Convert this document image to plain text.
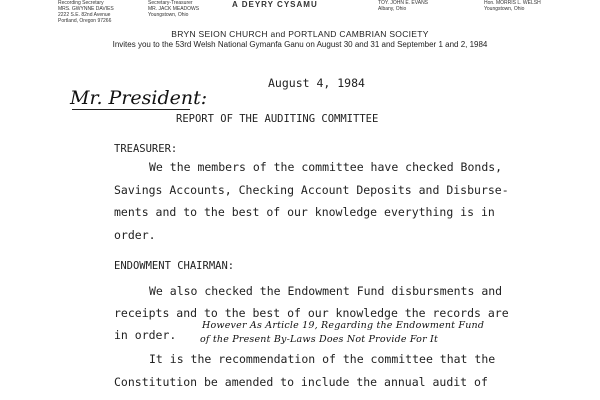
Recording Secretary
MRS. GWYNNE DAVIES
2222 S.E. 82nd Avenue
Portland, Oregon 97266
Secretary-Treasurer
MR. JACK MEADOWS
Youngstown, Ohio
A DEYRY CYSAMU	TOY. JOHN E. EVANS
Albany, Ohio
Hon. MORRIS L. WELSH
Youngstown, Ohio
BRYN SEION CHURCH and PORTLAND CAMBRIAN SOCIETY
Invites you to the 53rd Welsh National Gymanfa Ganu on August 30 and 31 and September 1 and 2, 1984
August 4, 1984
Mr. President:
REPORT OF THE AUDITING COMMITTEE
TREASURER:
We the members of the committee have checked Bonds,
Savings Accounts, Checking Account Deposits and Disburse-
ments and to the best of our knowledge everything is in
order.
ENDOWMENT CHAIRMAN:
We also checked the Endowment Fund disbursments and
receipts and to the best of our knowledge the records are
in order.
However As Article 19, Regarding the Endowment Fund
of the Present By-Laws Does Not Provide For It
It is the recommendation of the committee that the
Constitution be amended to include the annual audit of
